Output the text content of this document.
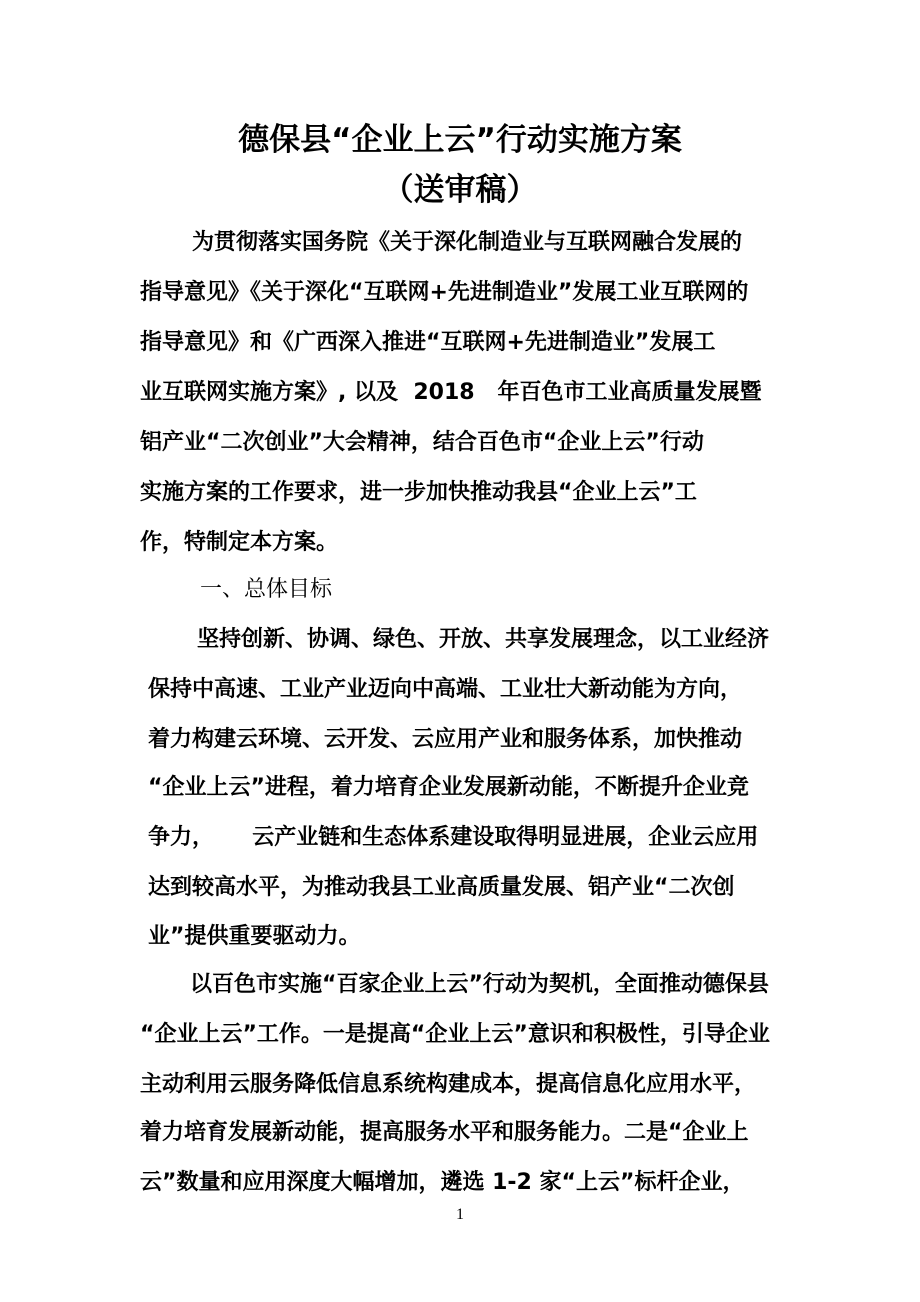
德保县“企业上云”行动实施方案
（送审稿）
为贯彻落实国务院《关于深化制造业与互联网融合发展的
指导意见》《关于深化“互联网+先进制造业”发展工业互联网的
指导意见》和《广西深入推进“互联网+先进制造业”发展工
业互联网实施方案》, 以及  2018   年百色市工业高质量发展暨
铝产业“二次创业”大会精神，结合百色市“企业上云”行动
实施方案的工作要求，进一步加快推动我县“企业上云”工
作，特制定本方案。
一、总体目标
坚持创新、协调、绿色、开放、共享发展理念，以工业经济
保持中高速、工业产业迈向中高端、工业壮大新动能为方向，
着力构建云环境、云开发、云应用产业和服务体系，加快推动
“企业上云”进程，着力培育企业发展新动能，不断提升企业竞
争力，     云产业链和生态体系建设取得明显进展，企业云应用
达到较高水平，为推动我县工业高质量发展、铝产业“二次创
业”提供重要驱动力。
以百色市实施“百家企业上云”行动为契机，全面推动德保县
“企业上云”工作。一是提高“企业上云”意识和积极性，引导企业
主动利用云服务降低信息系统构建成本，提高信息化应用水平，
着力培育发展新动能，提高服务水平和服务能力。二是“企业上
云”数量和应用深度大幅增加，遴选 1-2 家“上云”标杆企业，
1
